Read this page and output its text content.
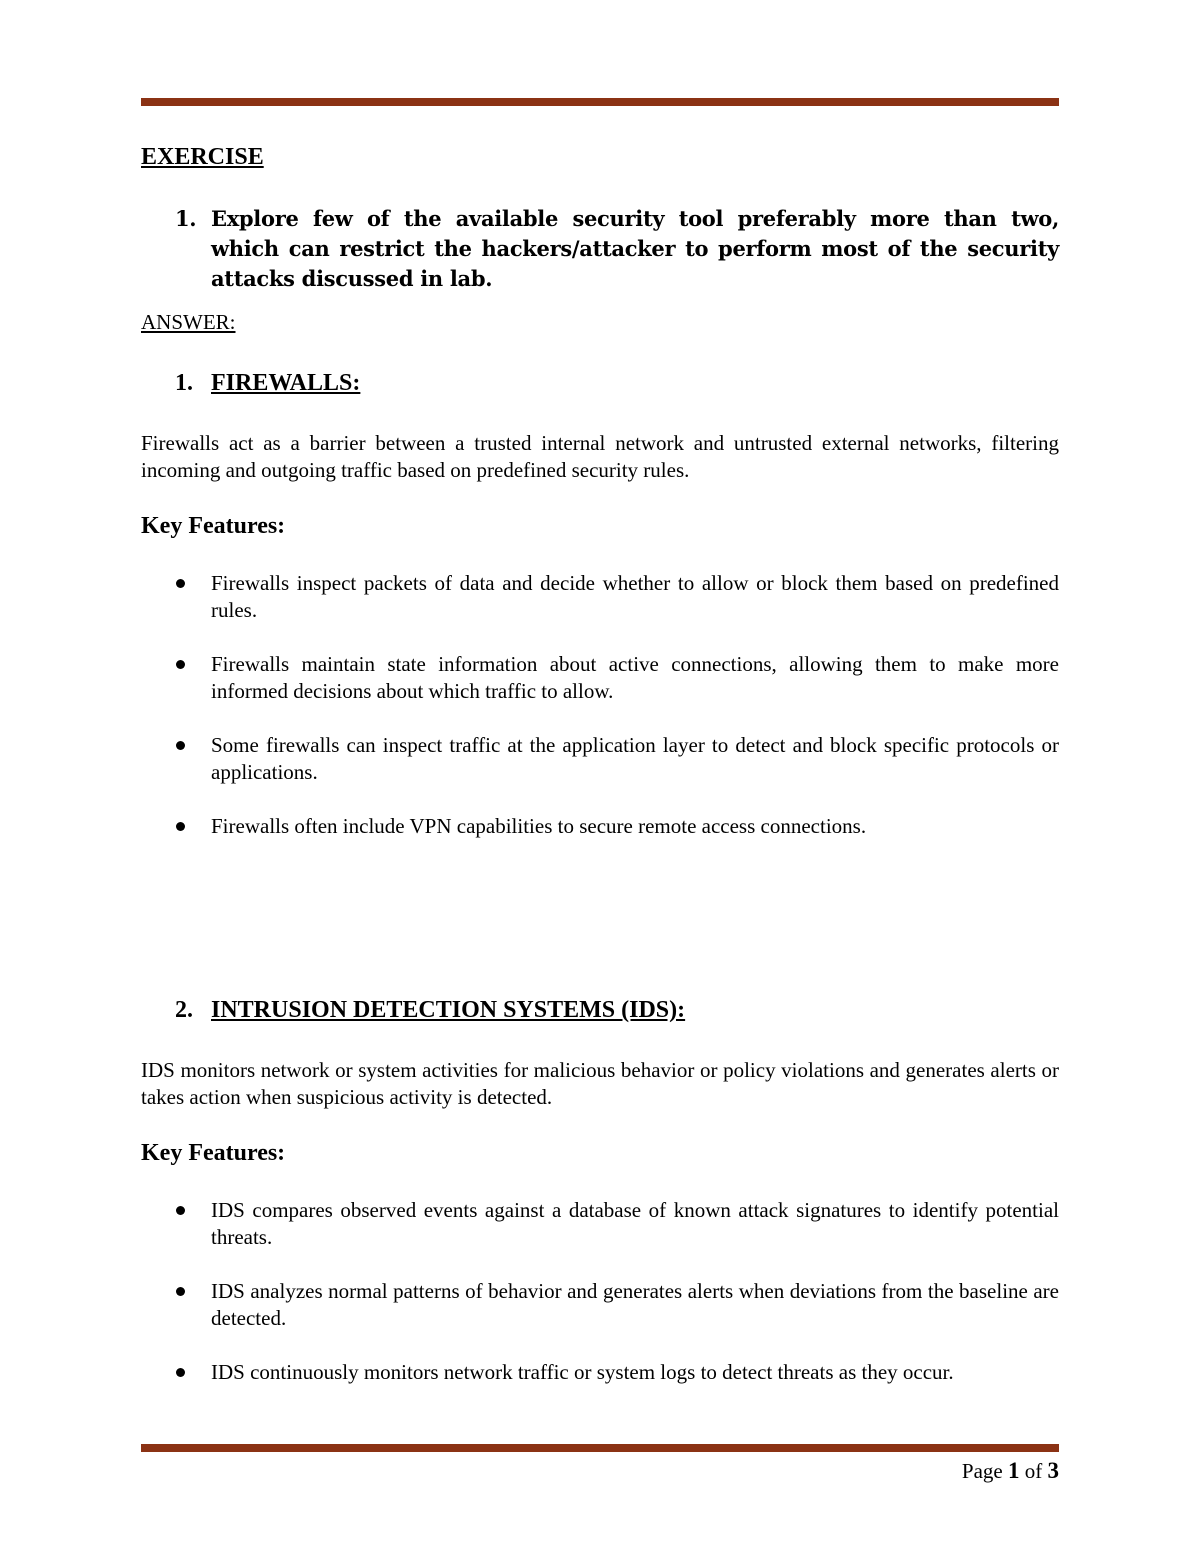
EXERCISE

1. Explore few of the available security tool preferably more than two, which can restrict the hackers/attacker to perform most of the security attacks discussed in lab.

ANSWER:

1. FIREWALLS:

Firewalls act as a barrier between a trusted internal network and untrusted external networks, filtering incoming and outgoing traffic based on predefined security rules.

Key Features:

Firewalls inspect packets of data and decide whether to allow or block them based on predefined rules.
Firewalls maintain state information about active connections, allowing them to make more informed decisions about which traffic to allow.
Some firewalls can inspect traffic at the application layer to detect and block specific protocols or applications.
Firewalls often include VPN capabilities to secure remote access connections.
2. INTRUSION DETECTION SYSTEMS (IDS):

IDS monitors network or system activities for malicious behavior or policy violations and generates alerts or takes action when suspicious activity is detected.

Key Features:

IDS compares observed events against a database of known attack signatures to identify potential threats.
IDS analyzes normal patterns of behavior and generates alerts when deviations from the baseline are detected.
IDS continuously monitors network traffic or system logs to detect threats as they occur.
Page 1 of 3
